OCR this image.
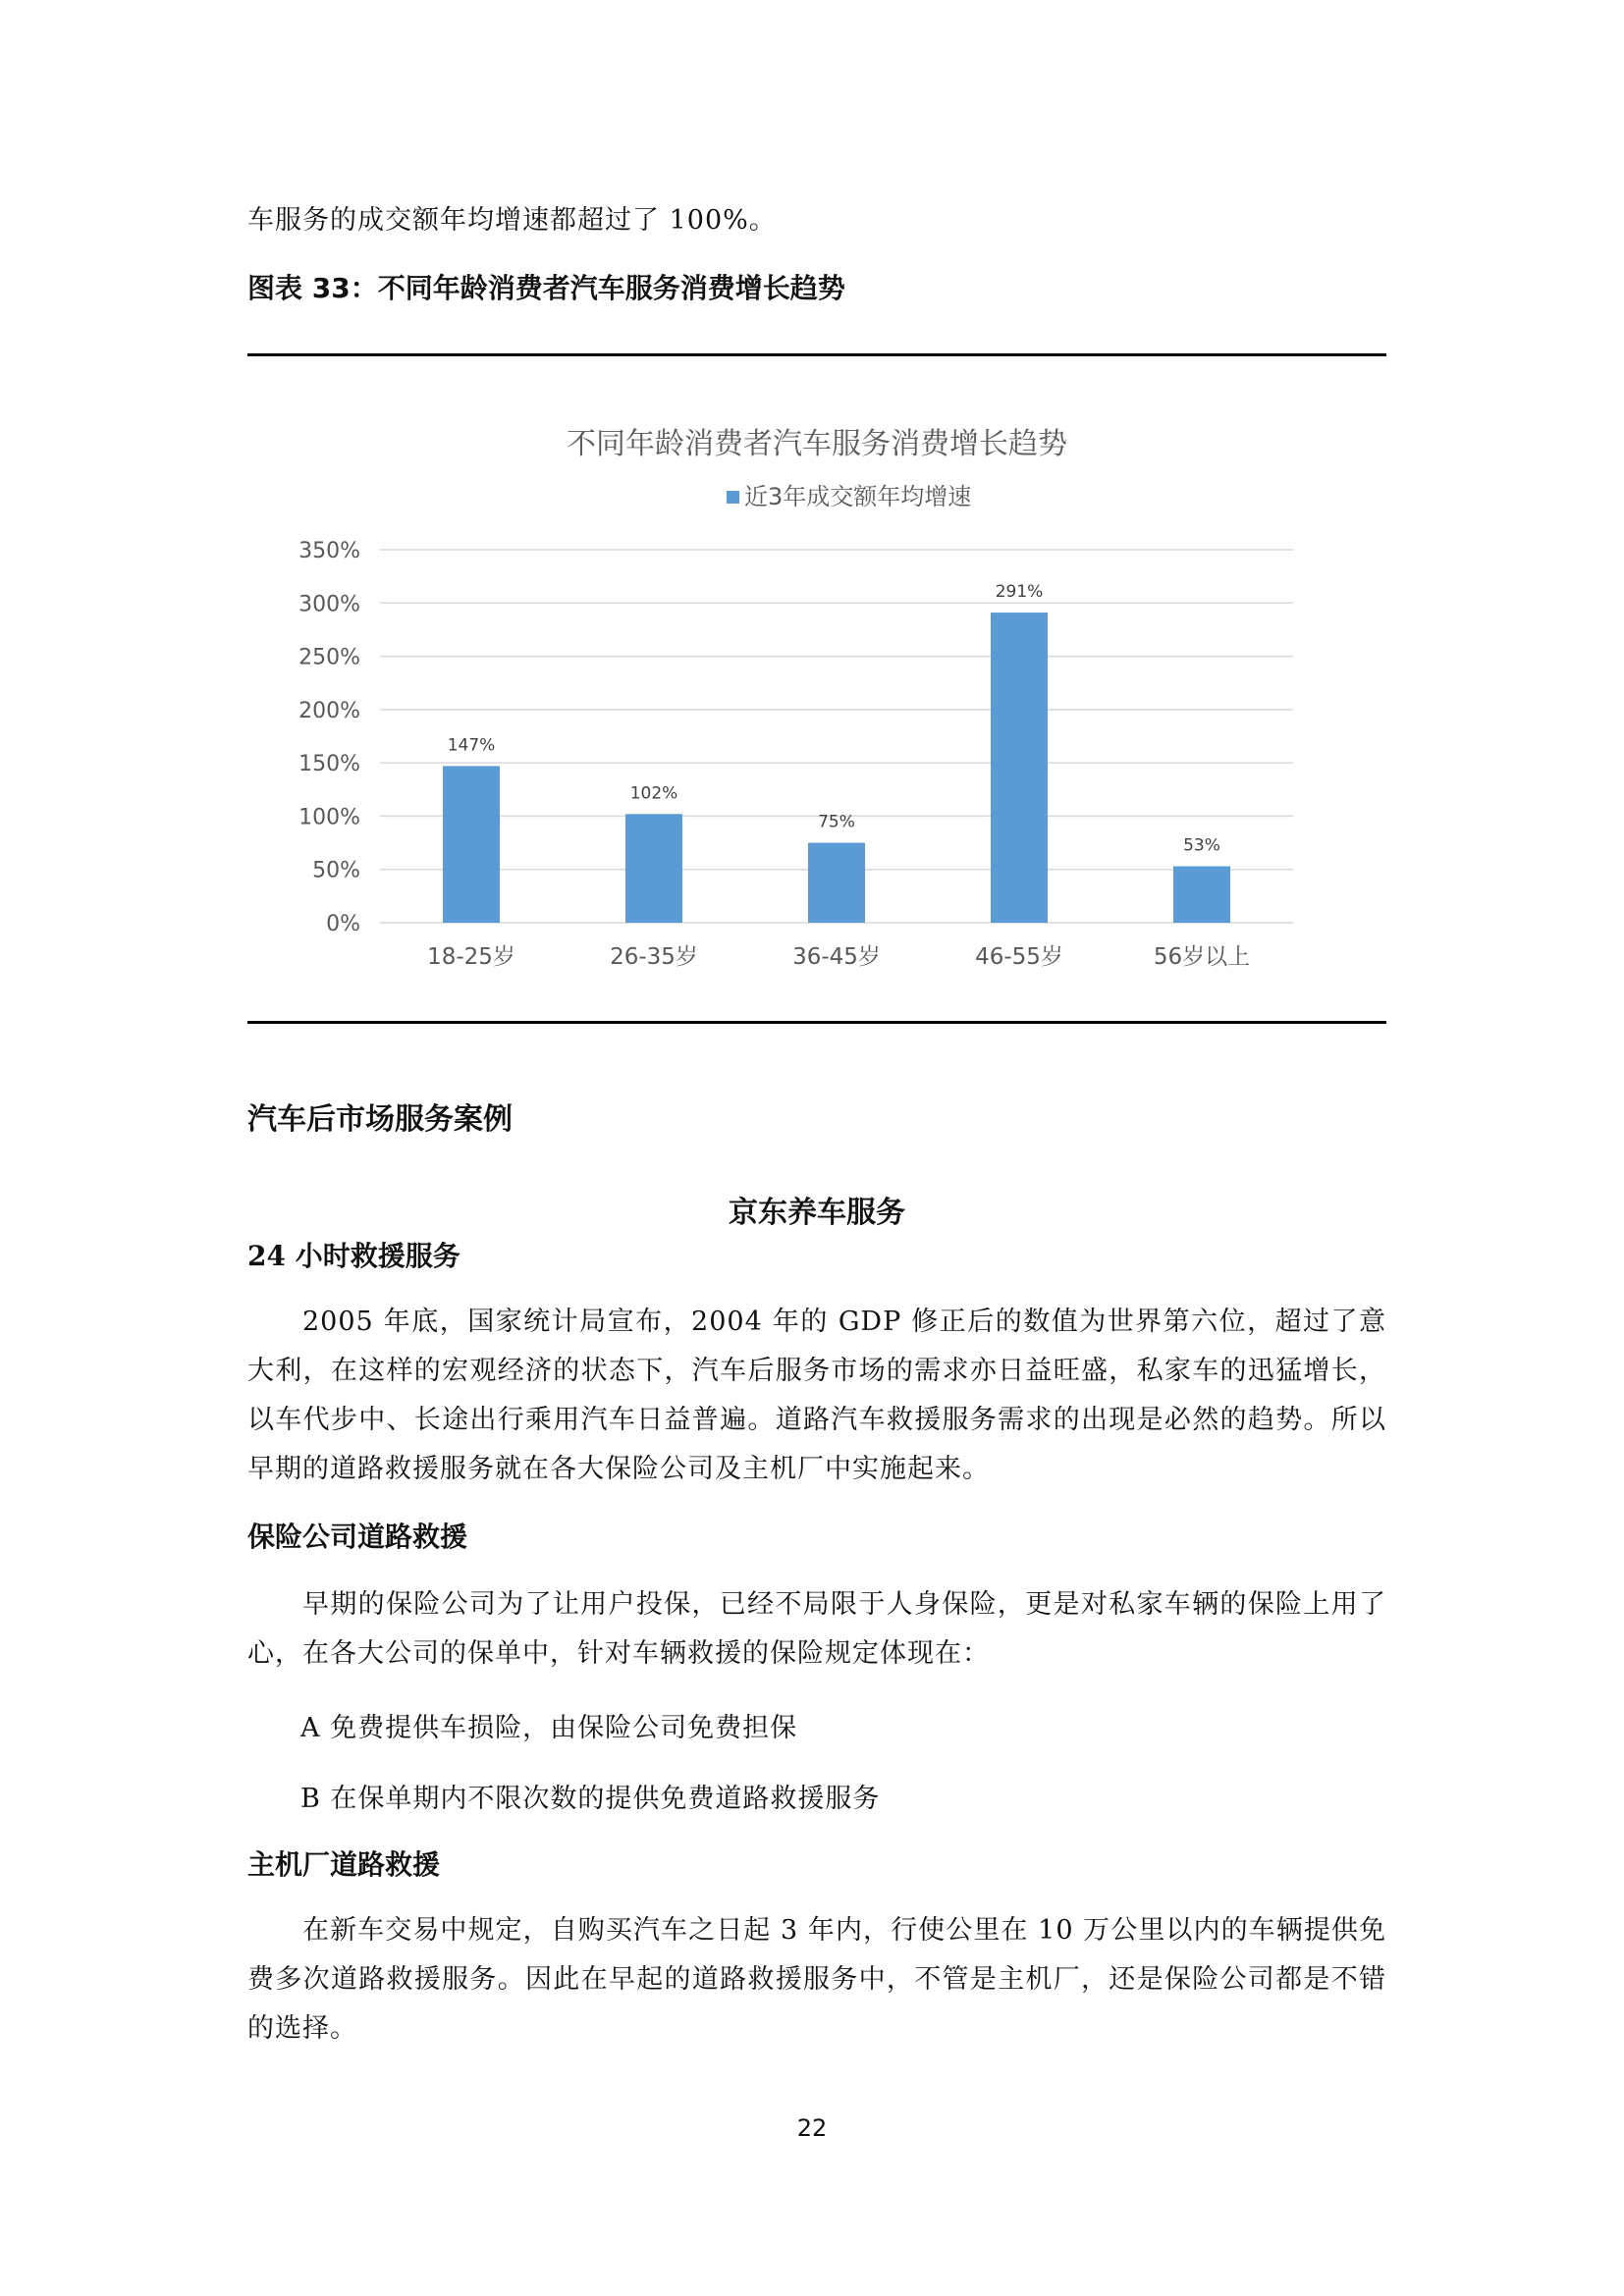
车服务的成交额年均增速都超过了 100%。
图表 33：不同年龄消费者汽车服务消费增长趋势
不同年龄消费者汽车服务消费增长趋势
近3年成交额年均增速
0%
50%
100%
150%
200%
250%
300%
350%
147%
102%
75%
291%
53%
18-25岁	26-35岁	36-45岁	46-55岁	56岁以上
汽车后市场服务案例
京东养车服务
24 小时救援服务
2005 年底，国家统计局宣布，2004 年的 GDP 修正后的数值为世界第六位，超过了意大利，在这样的宏观经济的状态下，汽车后服务市场的需求亦日益旺盛，私家车的迅猛增长，以车代步中、长途出行乘用汽车日益普遍。道路汽车救援服务需求的出现是必然的趋势。所以早期的道路救援服务就在各大保险公司及主机厂中实施起来。
保险公司道路救援
早期的保险公司为了让用户投保，已经不局限于人身保险，更是对私家车辆的保险上用了心，在各大公司的保单中，针对车辆救援的保险规定体现在：
A 免费提供车损险，由保险公司免费担保
B 在保单期内不限次数的提供免费道路救援服务
主机厂道路救援
在新车交易中规定，自购买汽车之日起 3 年内，行使公里在 10 万公里以内的车辆提供免费多次道路救援服务。因此在早起的道路救援服务中，不管是主机厂，还是保险公司都是不错的选择。
22
